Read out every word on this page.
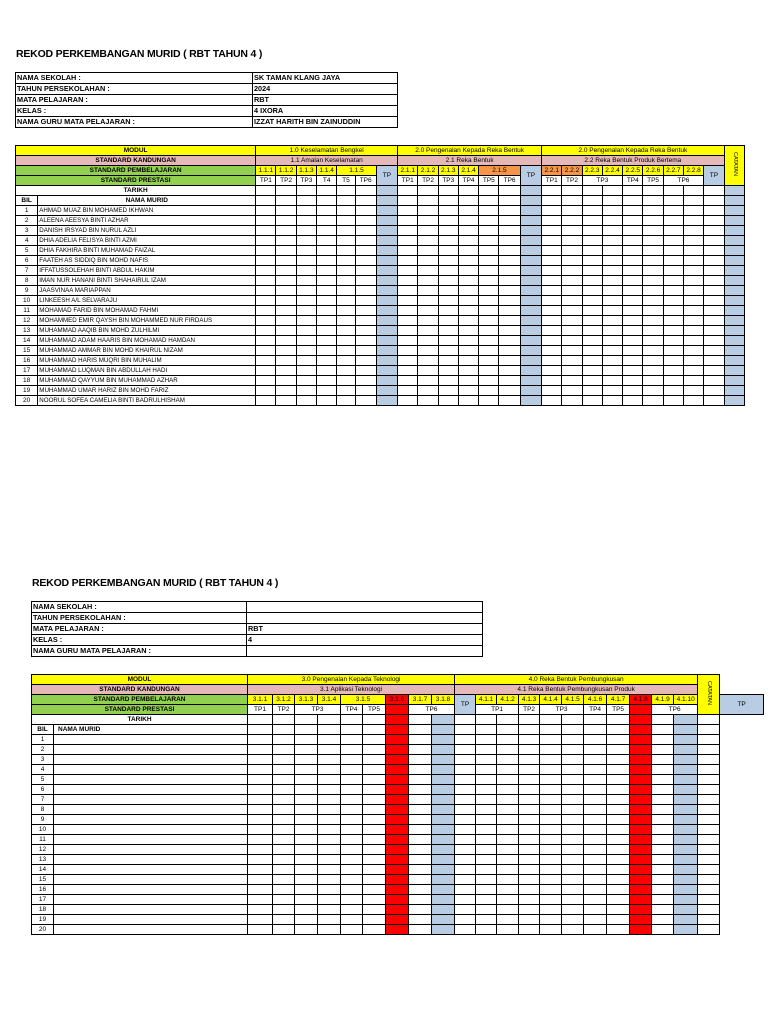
REKOD PERKEMBANGAN MURID ( RBT TAHUN 4 )
NAMA SEKOLAH :	SK TAMAN KLANG JAYA
TAHUN PERSEKOLAHAN :	2024
MATA PELAJARAN :	RBT
KELAS :	4 IXORA
NAMA GURU MATA PELAJARAN :	IZZAT HARITH BIN ZAINUDDIN
MODUL		1.0 Keselamatan Bengkel							2.0 Pengenalan Kepada Reka Bentuk							2.0 Pengenalan Kepada Reka Bentuk									CATATAN
STANDARD KANDUNGAN		1.1 Amalan Keselamatan							2.1 Reka Bentuk							2.2 Reka Bentuk Produk Bertema									
STANDARD PEMBELAJARAN		1.1.1	1.1.2	1.1.3	1.1.4	1.1.5		TP	2.1.1	2.1.2	2.1.3	2.1.4	2.1.5		TP	2.2.1	2.2.2	2.2.3	2.2.4	2.2.5	2.2.6	2.2.7	2.2.8	TP	
STANDARD PRESTASI		TP1	TP2	TP3	T4	T5	TP6		TP1	TP2	TP3	TP4	TP5	TP6		TP1	TP2	TP3		TP4	TP5	TP6			
TARIKH																									
BIL	NAMA MURID																								
1	AHMAD MUAZ BIN MOHAMED IKHWAN																								
2	ALEENA AEESYA BINTI AZHAR																								
3	DANISH IRSYAD BIN NURUL AZLI																								
4	DHIA ADELIA FELISYA BINTI AZMI																								
5	DHIA FAKHIRA BINTI MUHAMAD FAIZAL																								
6	FAATEH AS SIDDIQ BIN MOHD NAFIS																								
7	IFFATUSSOLEHAH BINTI ABDUL HAKIM																								
8	IMAN NUR HANANI BINTI SHAHAIRUL IZAM																								
9	JAASVINAA MARIAPPAN																								
10	LINKEESH A/L SELVARAJU																								
11	MOHAMAD FARID BIN MOHAMAD FAHMI																								
12	MOHAMMED EMIR QAYSH BIN MOHAMMED NUR FIRDAUS																								
13	MUHAMMAD AAQIB BIN MOHD ZULHILMI																								
14	MUHAMMAD ADAM HAARIS BIN MOHAMAD HAMDAN																								
15	MUHAMMAD AMMAR BIN MOHD KHAIRUL NIZAM																								
16	MUHAMMAD HARIS MUQRI BIN MUHALIM																								
17	MUHAMMAD LUQMAN BIN ABDULLAH HADI																								
18	MUHAMMAD QAYYUM BIN MUHAMMAD AZHAR																								
19	MUHAMMAD UMAR HARIZ BIN MOHD FARIZ																								
20	NOORUL SOFEA CAMELIA BINTI BADRULHISHAM																								
REKOD PERKEMBANGAN MURID ( RBT TAHUN 4 )
NAMA SEKOLAH :	
TAHUN PERSEKOLAHAN :	
MATA PELAJARAN :	RBT
KELAS :	4
NAMA GURU MATA PELAJARAN :	
MODUL		3.0 Pengenalan Kepada Teknologi									4.0 Reka Bentuk Pembungkusan											CATATAN	
STANDARD KANDUNGAN		3.1 Aplikasi Teknologi									4.1 Reka Bentuk Pembungkusan Produk												
STANDARD PEMBELAJARAN		3.1.1	3.1.2	3.1.3	3.1.4	3.1.5		3.1.6	3.1.7	3.1.8	TP	4.1.1	4.1.2	4.1.3	4.1.4	4.1.5	4.1.6	4.1.7	4.1.8	4.1.9	4.1.10		TP
STANDARD PRESTASI		TP1	TP2	TP3		TP4	TP5		TP6			TP1		TP2	TP3		TP4	TP5		TP6			
TARIKH																							
BIL	NAMA MURID																						
1																							
2																							
3																							
4																							
5																							
6																							
7																							
8																							
9																							
10																							
11																							
12																							
13																							
14																							
15																							
16																							
17																							
18																							
19																							
20																							
